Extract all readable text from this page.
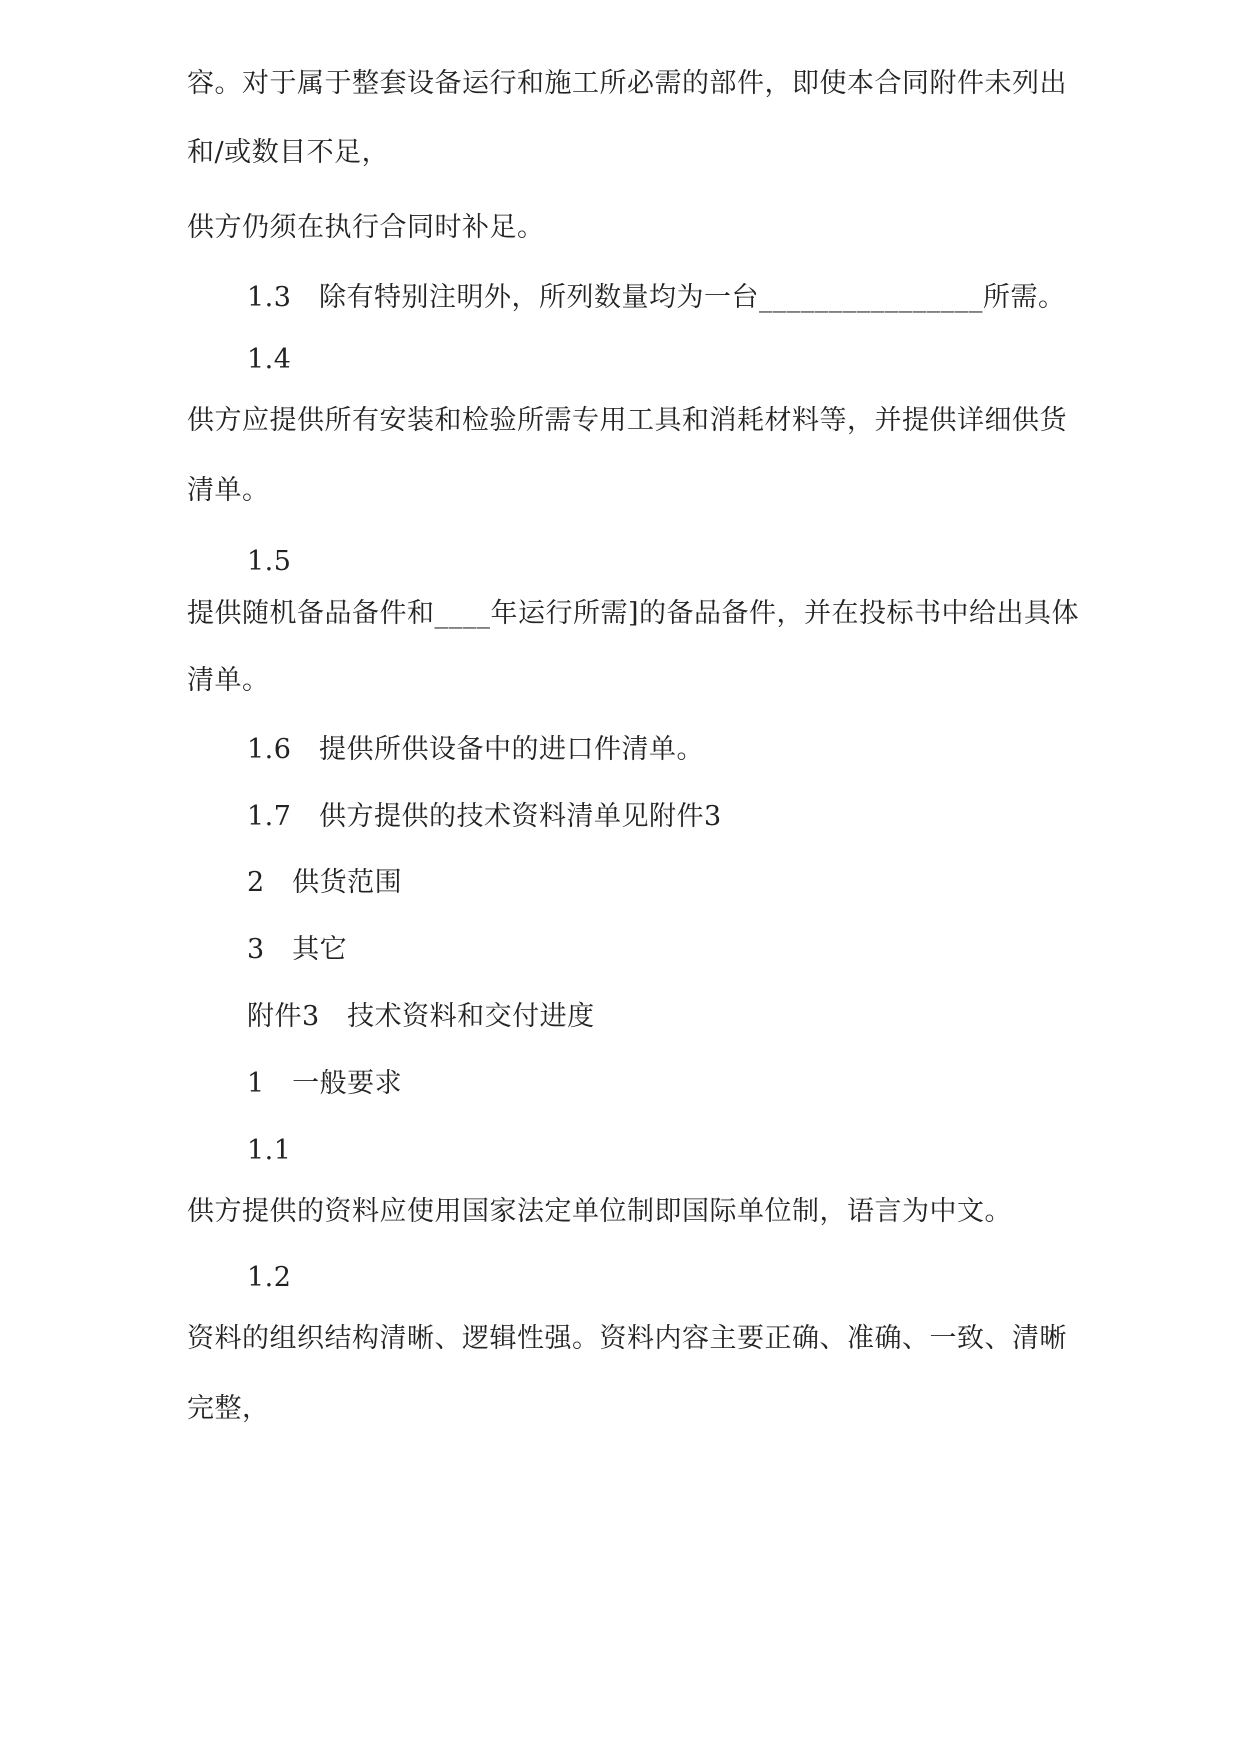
容。对于属于整套设备运行和施工所必需的部件，即使本合同附件未列出
和/或数目不足，
供方仍须在执行合同时补足。
1.3　除有特别注明外，所列数量均为一台________________所需。
1.4
供方应提供所有安装和检验所需专用工具和消耗材料等，并提供详细供货
清单。
1.5
提供随机备品备件和____年运行所需]的备品备件，并在投标书中给出具体
清单。
1.6　提供所供设备中的进口件清单。
1.7　供方提供的技术资料清单见附件3
2　供货范围
3　其它
附件3　技术资料和交付进度
1　一般要求
1.1
供方提供的资料应使用国家法定单位制即国际单位制，语言为中文。
1.2
资料的组织结构清晰、逻辑性强。资料内容主要正确、准确、一致、清晰
完整，
